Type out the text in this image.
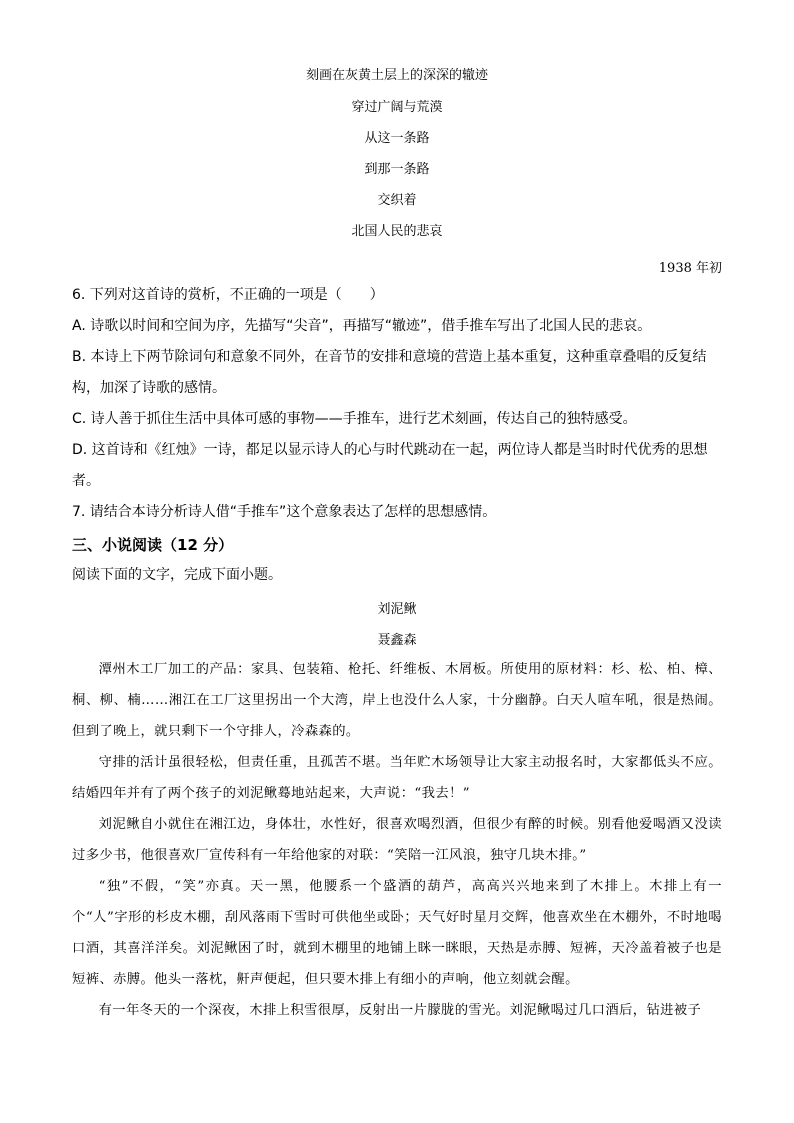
刻画在灰黄土层上的深深的辙迹
穿过广阔与荒漠
从这一条路
到那一条路
交织着
北国人民的悲哀
1938 年初
6. 下列对这首诗的赏析，不正确的一项是（　　）
A. 诗歌以时间和空间为序，先描写“尖音”，再描写“辙迹”，借手推车写出了北国人民的悲哀。
B. 本诗上下两节除词句和意象不同外，在音节的安排和意境的营造上基本重复，这种重章叠唱的反复结构，加深了诗歌的感情。
C. 诗人善于抓住生活中具体可感的事物——手推车，进行艺术刻画，传达自己的独特感受。
D. 这首诗和《红烛》一诗，都足以显示诗人的心与时代跳动在一起，两位诗人都是当时时代优秀的思想者。
7. 请结合本诗分析诗人借“手推车”这个意象表达了怎样的思想感情。
三、小说阅读（12 分）
阅读下面的文字，完成下面小题。
刘泥鳅
聂鑫森
潭州木工厂加工的产品：家具、包装箱、枪托、纤维板、木屑板。所使用的原材料：杉、松、柏、樟、桐、柳、楠……湘江在工厂这里拐出一个大湾，岸上也没什么人家，十分幽静。白天人喧车吼，很是热闹。但到了晚上，就只剩下一个守排人，冷森森的。
守排的活计虽很轻松，但责任重，且孤苦不堪。当年贮木场领导让大家主动报名时，大家都低头不应。结婚四年并有了两个孩子的刘泥鳅蓦地站起来，大声说：“我去！”
刘泥鳅自小就住在湘江边，身体壮，水性好，很喜欢喝烈酒，但很少有醉的时候。别看他爱喝酒又没读过多少书，他很喜欢厂宣传科有一年给他家的对联：“笑陪一江风浪，独守几块木排。”
“独”不假，“笑”亦真。天一黑，他腰系一个盛酒的葫芦，高高兴兴地来到了木排上。木排上有一个“人”字形的杉皮木棚，刮风落雨下雪时可供他坐或卧；天气好时星月交辉，他喜欢坐在木棚外，不时地喝口酒，其喜洋洋矣。刘泥鳅困了时，就到木棚里的地铺上眯一眯眼，天热是赤膊、短裤，天冷盖着被子也是短裤、赤膊。他头一落枕，鼾声便起，但只要木排上有细小的声响，他立刻就会醒。
有一年冬天的一个深夜，木排上积雪很厚，反射出一片朦胧的雪光。刘泥鳅喝过几口酒后，钻进被子
